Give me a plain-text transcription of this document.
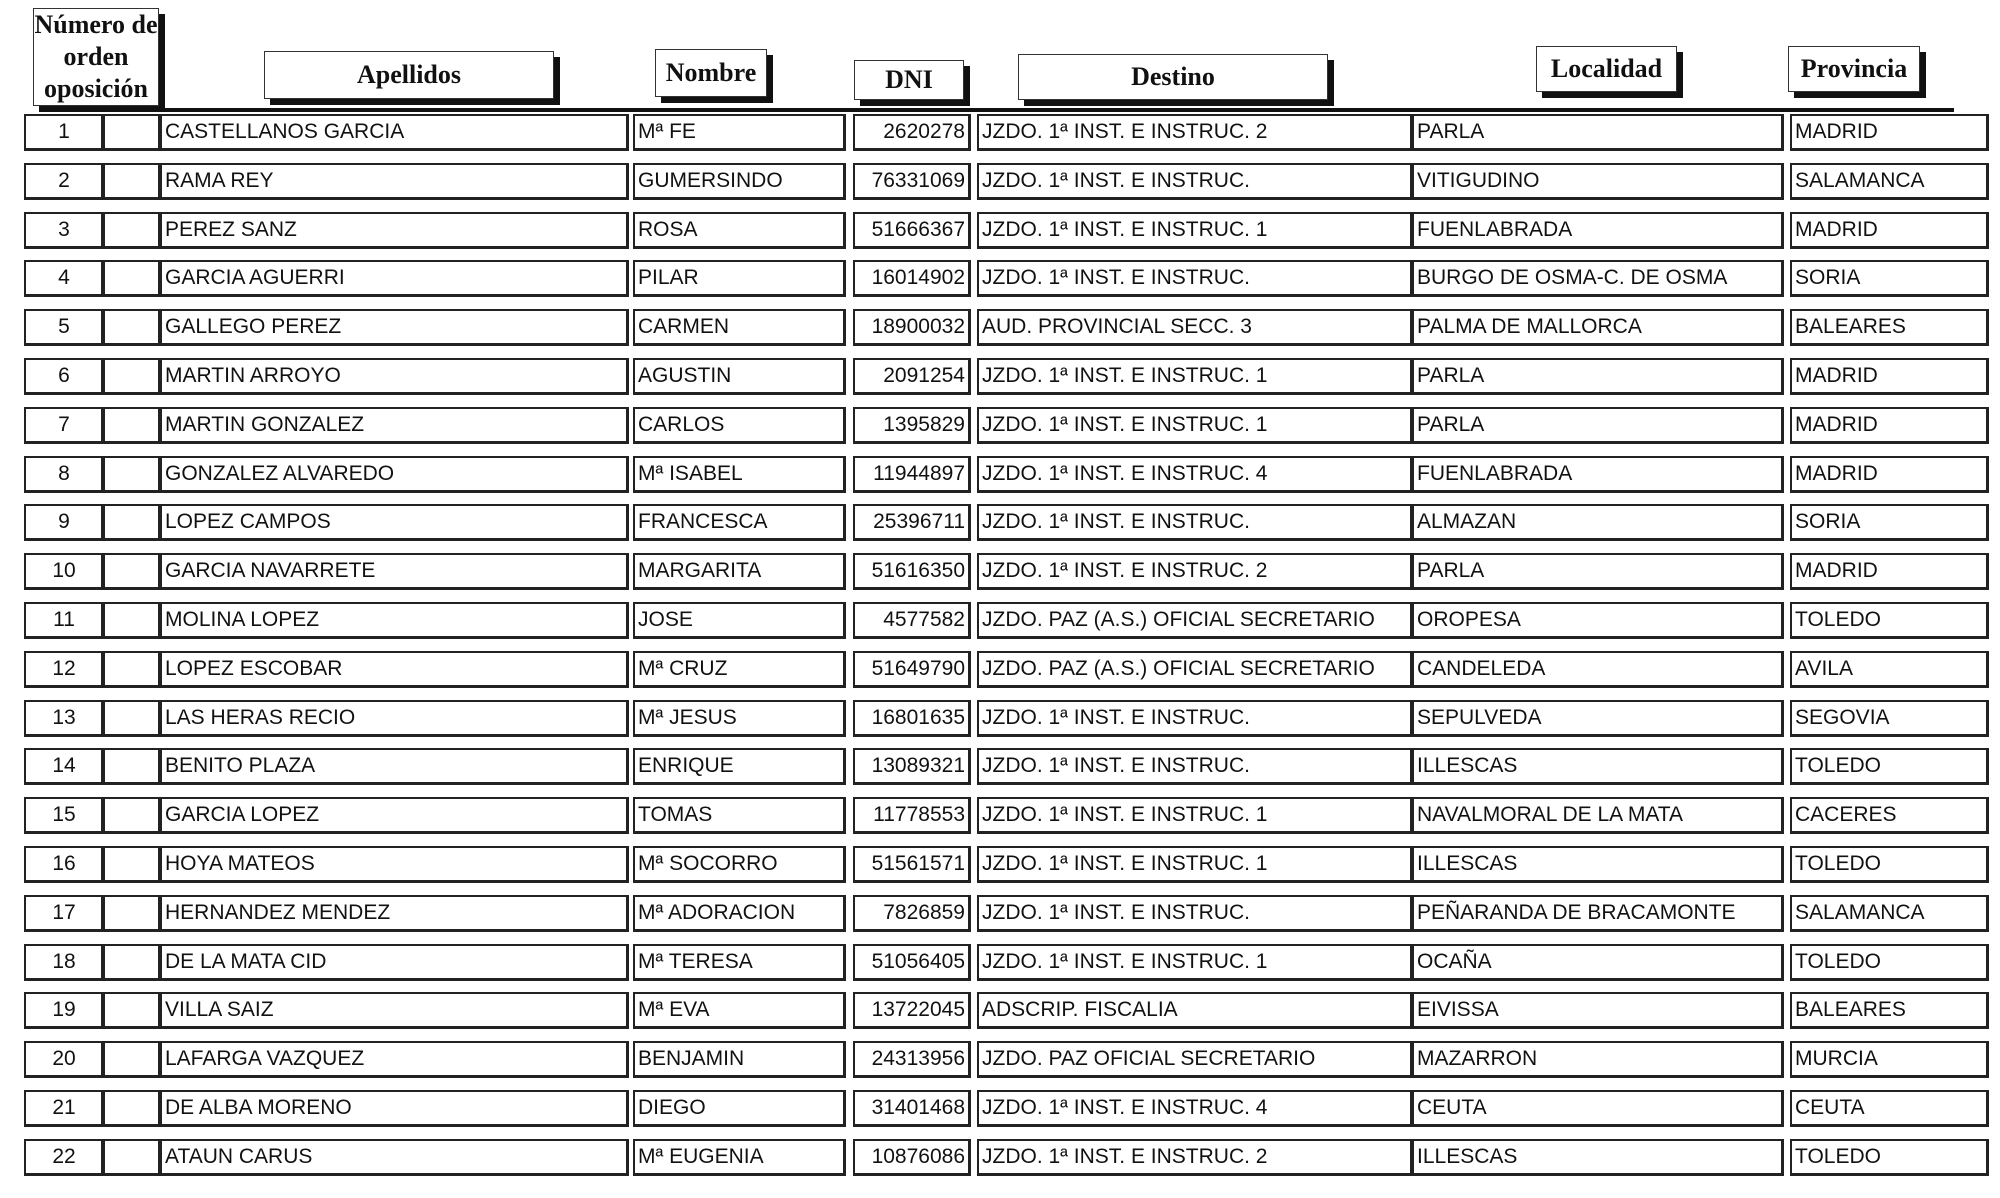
Número de orden oposición	Apellidos	Nombre	DNI	Destino	Localidad	Provincia
1	CASTELLANOS GARCIA	Mª FE	2620278 JZDO. 1ª INST. E INSTRUC. 2	PARLA	MADRID
2	RAMA REY	GUMERSINDO	76331069 JZDO. 1ª INST. E INSTRUC.	VITIGUDINO	SALAMANCA
3	PEREZ SANZ	ROSA	51666367 JZDO. 1ª INST. E INSTRUC. 1	FUENLABRADA	MADRID
4	GARCIA AGUERRI	PILAR	16014902 JZDO. 1ª INST. E INSTRUC.	BURGO DE OSMA-C. DE OSMA	SORIA
5	GALLEGO PEREZ	CARMEN	18900032 AUD. PROVINCIAL SECC. 3	PALMA DE MALLORCA	BALEARES
6	MARTIN ARROYO	AGUSTIN	2091254 JZDO. 1ª INST. E INSTRUC. 1	PARLA	MADRID
7	MARTIN GONZALEZ	CARLOS	1395829 JZDO. 1ª INST. E INSTRUC. 1	PARLA	MADRID
8	GONZALEZ ALVAREDO	Mª ISABEL	11944897 JZDO. 1ª INST. E INSTRUC. 4	FUENLABRADA	MADRID
9	LOPEZ CAMPOS	FRANCESCA	25396711 JZDO. 1ª INST. E INSTRUC.	ALMAZAN	SORIA
10	GARCIA NAVARRETE	MARGARITA	51616350 JZDO. 1ª INST. E INSTRUC. 2	PARLA	MADRID
11	MOLINA LOPEZ	JOSE	4577582 JZDO. PAZ (A.S.) OFICIAL SECRETARIO	OROPESA	TOLEDO
12	LOPEZ ESCOBAR	Mª CRUZ	51649790 JZDO. PAZ (A.S.) OFICIAL SECRETARIO	CANDELEDA	AVILA
13	LAS HERAS RECIO	Mª JESUS	16801635 JZDO. 1ª INST. E INSTRUC.	SEPULVEDA	SEGOVIA
14	BENITO PLAZA	ENRIQUE	13089321 JZDO. 1ª INST. E INSTRUC.	ILLESCAS	TOLEDO
15	GARCIA LOPEZ	TOMAS	11778553 JZDO. 1ª INST. E INSTRUC. 1	NAVALMORAL DE LA MATA	CACERES
16	HOYA MATEOS	Mª SOCORRO	51561571 JZDO. 1ª INST. E INSTRUC. 1	ILLESCAS	TOLEDO
17	HERNANDEZ MENDEZ	Mª ADORACION	7826859 JZDO. 1ª INST. E INSTRUC.	PEÑARANDA DE BRACAMONTE	SALAMANCA
18	DE LA MATA CID	Mª TERESA	51056405 JZDO. 1ª INST. E INSTRUC. 1	OCAÑA	TOLEDO
19	VILLA SAIZ	Mª EVA	13722045 ADSCRIP. FISCALIA	EIVISSA	BALEARES
20	LAFARGA VAZQUEZ	BENJAMIN	24313956 JZDO. PAZ OFICIAL SECRETARIO	MAZARRON	MURCIA
21	DE ALBA MORENO	DIEGO	31401468 JZDO. 1ª INST. E INSTRUC. 4	CEUTA	CEUTA
22	ATAUN CARUS	Mª EUGENIA	10876086 JZDO. 1ª INST. E INSTRUC. 2	ILLESCAS	TOLEDO
